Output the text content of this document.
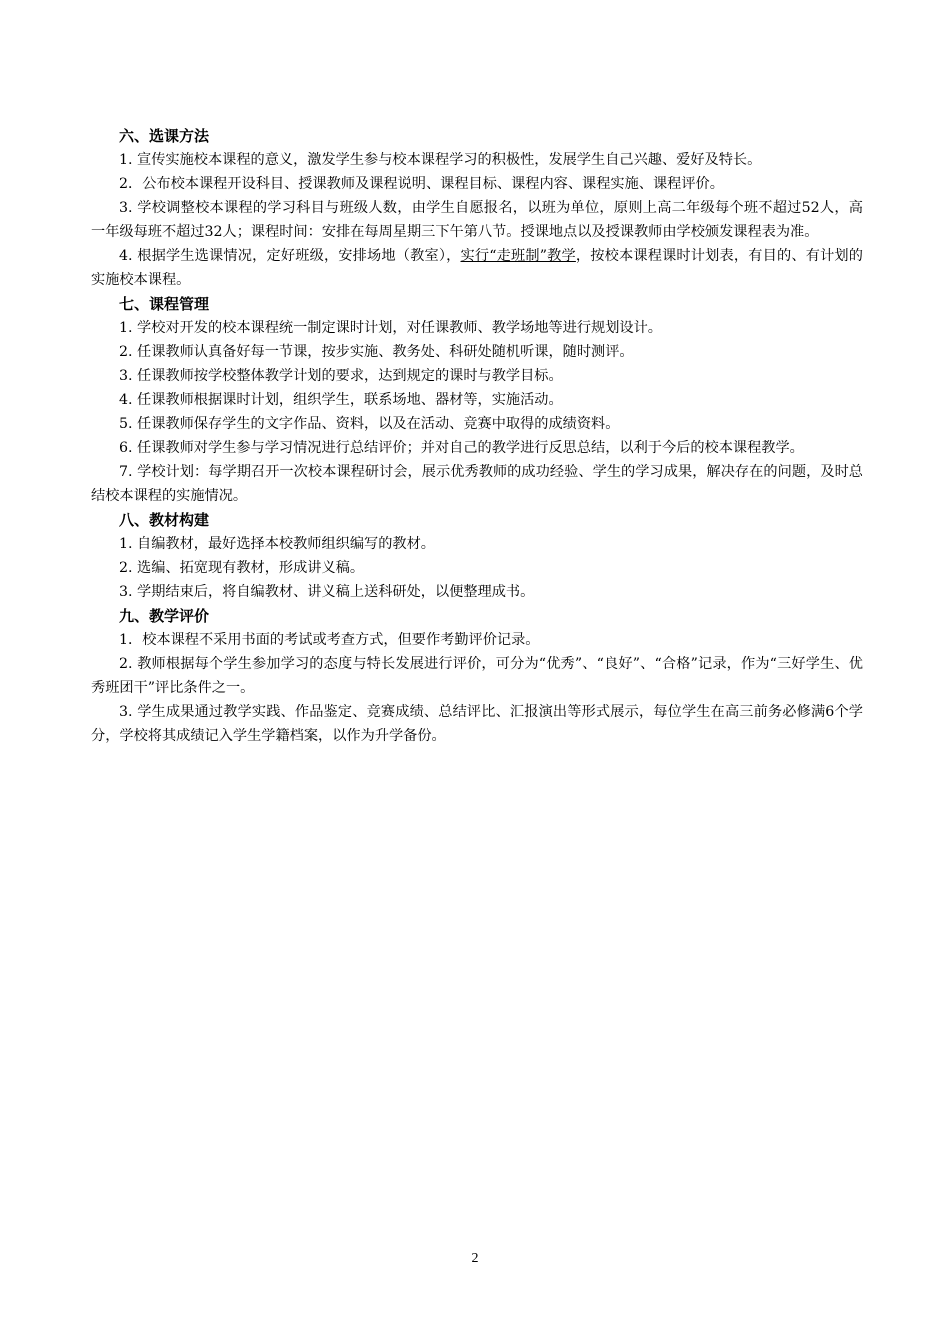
六、选课方法

1. 宣传实施校本课程的意义，激发学生参与校本课程学习的积极性，发展学生自己兴趣、爱好及特长。

2．公布校本课程开设科目、授课教师及课程说明、课程目标、课程内容、课程实施、课程评价。

3. 学校调整校本课程的学习科目与班级人数，由学生自愿报名，以班为单位，原则上高二年级每个班不超过52人，高一年级每班不超过32人；课程时间：安排在每周星期三下午第八节。授课地点以及授课教师由学校颁发课程表为准。

4. 根据学生选课情况，定好班级，安排场地（教室），实行“走班制”教学，按校本课程课时计划表，有目的、有计划的实施校本课程。

七、课程管理

1. 学校对开发的校本课程统一制定课时计划，对任课教师、教学场地等进行规划设计。

2. 任课教师认真备好每一节课，按步实施、教务处、科研处随机听课，随时测评。

3. 任课教师按学校整体教学计划的要求，达到规定的课时与教学目标。

4. 任课教师根据课时计划，组织学生，联系场地、器材等，实施活动。

5. 任课教师保存学生的文字作品、资料，以及在活动、竞赛中取得的成绩资料。

6. 任课教师对学生参与学习情况进行总结评价；并对自己的教学进行反思总结，以利于今后的校本课程教学。

7. 学校计划：每学期召开一次校本课程研讨会，展示优秀教师的成功经验、学生的学习成果，解决存在的问题，及时总结校本课程的实施情况。

八、教材构建

1. 自编教材，最好选择本校教师组织编写的教材。

2. 选编、拓宽现有教材，形成讲义稿。

3. 学期结束后，将自编教材、讲义稿上送科研处，以便整理成书。

九、教学评价

1．校本课程不采用书面的考试或考查方式，但要作考勤评价记录。

2. 教师根据每个学生参加学习的态度与特长发展进行评价，可分为“优秀”、“良好”、“合格”记录，作为“三好学生、优秀班团干”评比条件之一。

3. 学生成果通过教学实践、作品鉴定、竞赛成绩、总结评比、汇报演出等形式展示，每位学生在高三前务必修满6个学分，学校将其成绩记入学生学籍档案，以作为升学备份。

2
